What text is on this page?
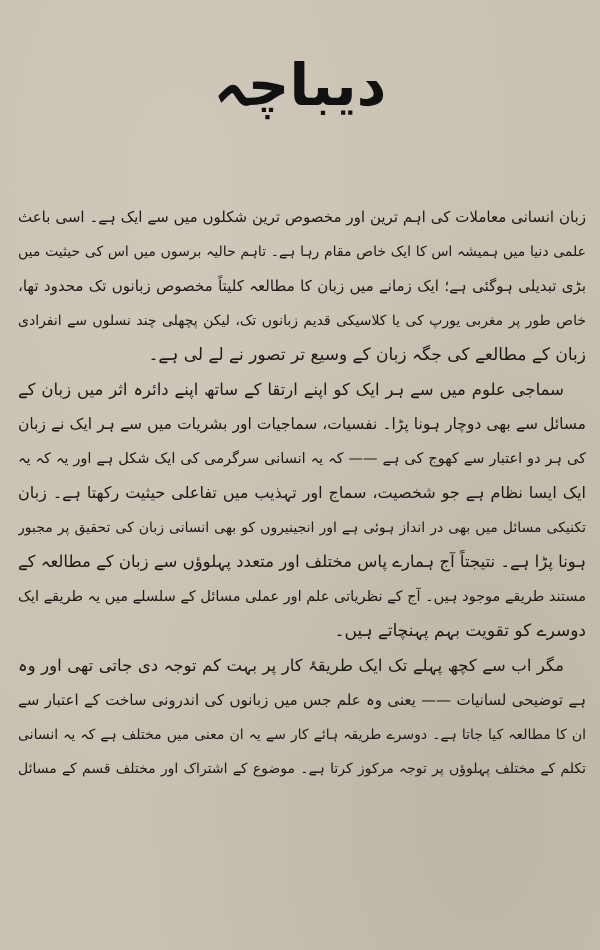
دیباچہ
زبان انسانی معاملات کی اہم ترین اور مخصوص ترین شکلوں میں سے ایک ہے۔ اسی باعث
علمی دنیا میں ہمیشہ اس کا ایک خاص مقام رہا ہے۔ تاہم حالیہ برسوں میں اس کی حیثیت میں
بڑی تبدیلی ہوگئی ہے؛ ایک زمانے میں زبان کا مطالعہ کلیتاً مخصوص زبانوں تک محدود تھا،
خاص طور پر مغربی یورپ کی یا کلاسیکی قدیم زبانوں تک، لیکن پچھلی چند نسلوں سے انفرادی
زبان کے مطالعے کی جگہ زبان کے وسیع تر تصور نے لے لی ہے۔
سماجی علوم میں سے ہر ایک کو اپنے ارتقا کے ساتھ اپنے دائرہ اثر میں زبان کے
مسائل سے بھی دوچار ہونا پڑا۔ نفسیات، سماجیات اور بشریات میں سے ہر ایک نے زبان
کی ہر دو اعتبار سے کھوج کی ہے —— کہ یہ انسانی سرگرمی کی ایک شکل ہے اور یہ کہ یہ
ایک ایسا نظام ہے جو شخصیت، سماج اور تہذیب میں تفاعلی حیثیت رکھتا ہے۔ زبان
تکنیکی مسائل میں بھی در انداز ہوئی ہے اور انجینیروں کو بھی انسانی زبان کی تحقیق پر مجبور
ہونا پڑا ہے۔ نتیجتاً آج ہمارے پاس مختلف اور متعدد پہلوؤں سے زبان کے مطالعہ کے
مستند طریقے موجود ہیں۔ آج کے نظریاتی علم اور عملی مسائل کے سلسلے میں یہ طریقے ایک
دوسرے کو تقویت بہم پہنچاتے ہیں۔
مگر اب سے کچھ پہلے تک ایک طریقۂ کار پر بہت کم توجہ دی جاتی تھی اور وہ
ہے توضیحی لسانیات —— یعنی وہ علم جس میں زبانوں کی اندرونی ساخت کے اعتبار سے
ان کا مطالعہ کیا جاتا ہے۔ دوسرے طریقہ ہائے کار سے یہ ان معنی میں مختلف ہے کہ یہ انسانی
تکلم کے مختلف پہلوؤں پر توجہ مرکوز کرتا ہے۔ موضوع کے اشتراک اور مختلف قسم کے مسائل
